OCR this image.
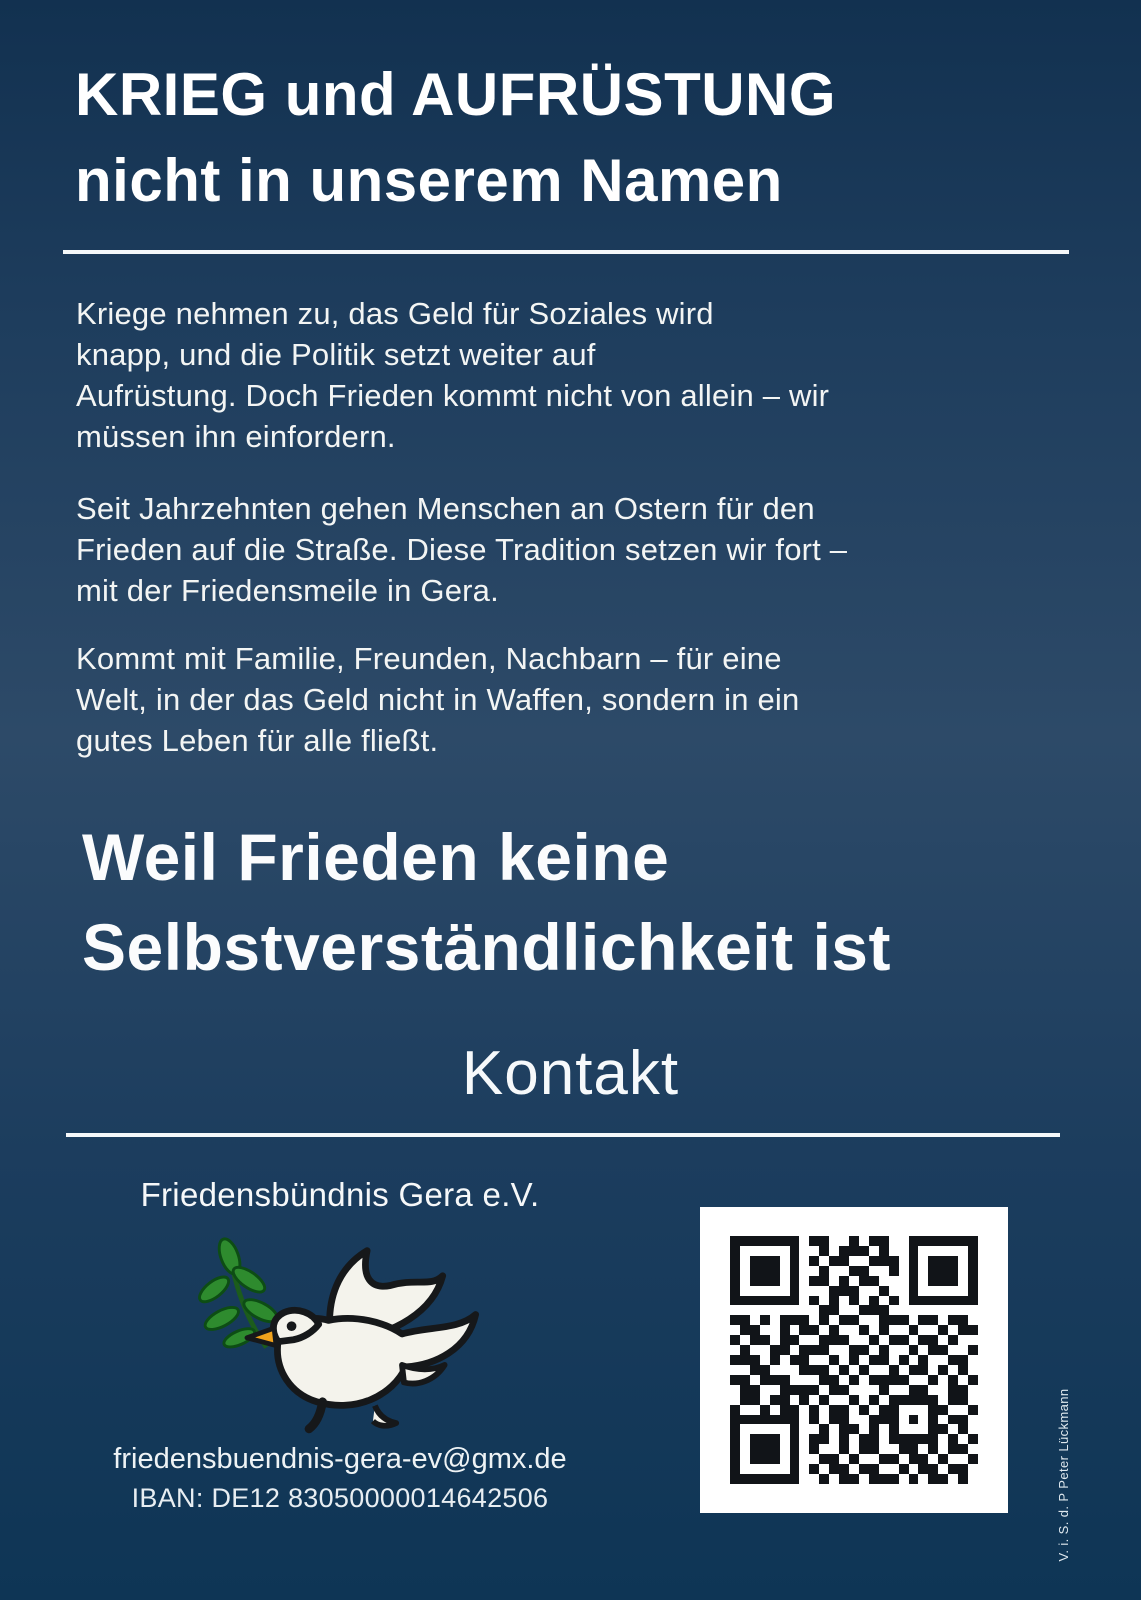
KRIEG und AUFRÜSTUNG
nicht in unserem Namen
Kriege nehmen zu, das Geld für Soziales wird
knapp, und die Politik setzt weiter auf
Aufrüstung. Doch Frieden kommt nicht von allein – wir
müssen ihn einfordern.
Seit Jahrzehnten gehen Menschen an Ostern für den
Frieden auf die Straße. Diese Tradition setzen wir fort –
mit der Friedensmeile in Gera.
Kommt mit Familie, Freunden, Nachbarn – für eine
Welt, in der das Geld nicht in Waffen, sondern in ein
gutes Leben für alle fließt.
Weil Frieden keine
Selbstverständlichkeit ist
Kontakt
Friedensbündnis Gera e.V.
friedensbuendnis-gera-ev@gmx.de
IBAN: DE12 83050000014642506	V. i. S. d. P Peter Lückmann
